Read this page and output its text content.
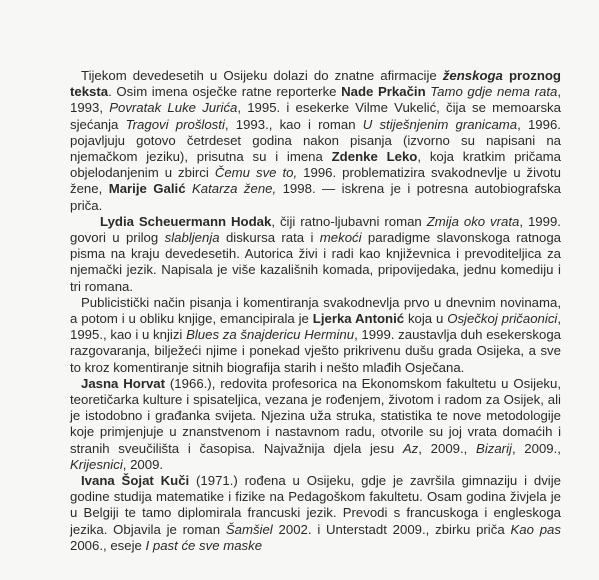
Tijekom devedesetih u Osijeku dolazi do znatne afirmacije ženskoga proznog teksta. Osim imena osječke ratne reporterke Nade Prkačin Tamo gdje nema rata, 1993, Povratak Luke Jurića, 1995. i esekerke Vilme Vukelić, čija se memoarska sjećanja Tragovi prošlosti, 1993., kao i roman U stiješnjenim granicama, 1996. pojavljuju gotovo četrdeset godina nakon pisanja (izvorno su napisani na njemačkom jeziku), prisutna su i imena Zdenke Leko, koja kratkim pričama objelodanjenim u zbirci Čemu sve to, 1996. problematizira svakodnevlje u životu žene, Marije Galić Katarza žene, 1998. — iskrena je i potresna autobiografska priča.

Lydia Scheuermann Hodak, čiji ratno-ljubavni roman Zmija oko vrata, 1999. govori u prilog slabljenja diskursa rata i mekoći paradigme slavonskoga ratnoga pisma na kraju devedesetih. Autorica živi i radi kao književnica i prevoditeljica za njemački jezik. Napisala je više kazališnih komada, pripovijedaka, jednu komediju i tri romana.

Publicistički način pisanja i komentiranja svakodnevlja prvo u dnevnim novinama, a potom i u obliku knjige, emancipirala je Ljerka Antonić koja u Osječkoj pričaonici, 1995., kao i u knjizi Blues za šnajdericu Herminu, 1999. zaustavlja duh esekerskoga razgovaranja, bilježeći njime i ponekad vješto prikrivenu dušu grada Osijeka, a sve to kroz komentiranje sitnih biografija starih i nešto mlađih Osječana.

Jasna Horvat (1966.), redovita profesorica na Ekonomskom fakultetu u Osijeku, teoretičarka kulture i spisateljica, vezana je rođenjem, životom i radom za Osijek, ali je istodobno i građanka svijeta. Njezina uža struka, statistika te nove metodologije koje primjenjuje u znanstvenom i nastavnom radu, otvorile su joj vrata domaćih i stranih sveučilišta i časopisa. Najvažnija djela jesu Az, 2009., Bizarij, 2009., Krijesnici, 2009.

Ivana Šojat Kuči (1971.) rođena u Osijeku, gdje je završila gimnaziju i dvije godine studija matematike i fizike na Pedagoškom fakultetu. Osam godina živjela je u Belgiji te tamo diplomirala francuski jezik. Prevodi s francuskoga i engleskoga jezika. Objavila je roman Šamšiel 2002. i Unterstadt 2009., zbirku priča Kao pas 2006., eseje I past će sve maske
